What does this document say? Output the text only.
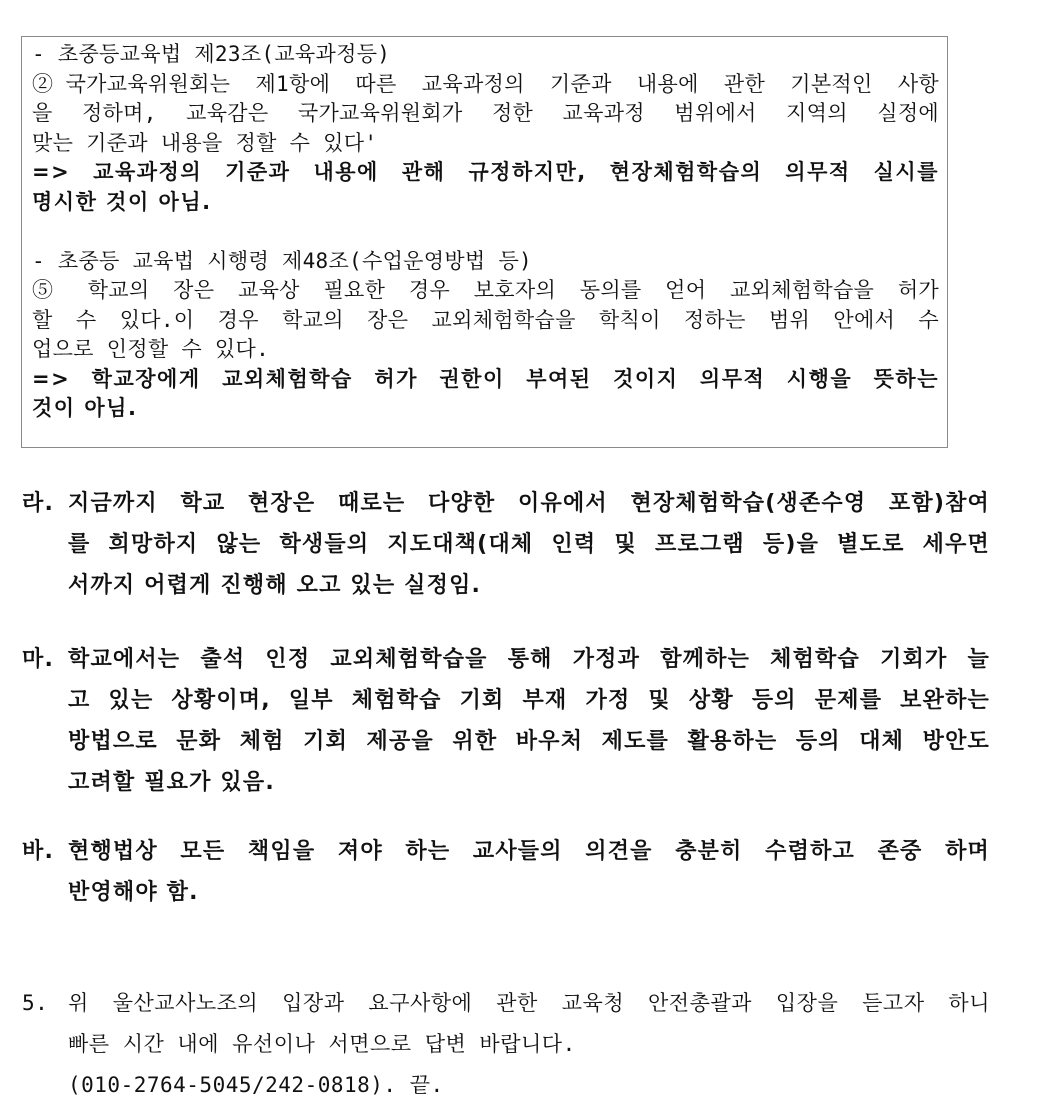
- 초중등교육법 제23조(교육과정등)
②국가교육위원회는 제1항에 따른 교육과정의 기준과 내용에 관한 기본적인 사항
을 정하며, 교육감은 국가교육위원회가 정한 교육과정 범위에서 지역의 실정에
맞는 기준과 내용을 정할 수 있다'
=> 교육과정의 기준과 내용에 관해 규정하지만, 현장체험학습의 의무적 실시를
명시한 것이 아님.
- 초중등 교육법 시행령 제48조(수업운영방법 등)
⑤ 학교의 장은 교육상 필요한 경우 보호자의 동의를 얻어 교외체험학습을 허가
할 수 있다.이 경우 학교의 장은 교외체험학습을 학칙이 정하는 범위 안에서 수
업으로 인정할 수 있다.
=> 학교장에게 교외체험학습 허가 권한이 부여된 것이지 의무적 시행을 뜻하는
것이 아님.
라. 지금까지 학교 현장은 때로는 다양한 이유에서 현장체험학습(생존수영 포함)참여
를 희망하지 않는 학생들의 지도대책(대체 인력 및 프로그램 등)을 별도로 세우면
서까지 어렵게 진행해 오고 있는 실정임.
마. 학교에서는 출석 인정 교외체험학습을 통해 가정과 함께하는 체험학습 기회가 늘
고 있는 상황이며, 일부 체험학습 기회 부재 가정 및 상황 등의 문제를 보완하는
방법으로 문화 체험 기회 제공을 위한 바우처 제도를 활용하는 등의 대체 방안도
고려할 필요가 있음.
바. 현행법상 모든 책임을 져야 하는 교사들의 의견을 충분히 수렴하고 존중 하며
반영해야 함.
5. 위 울산교사노조의 입장과 요구사항에 관한 교육청 안전총괄과 입장을 듣고자 하니
빠른 시간 내에 유선이나 서면으로 답변 바랍니다.
(010-2764-5045/242-0818). 끝.
